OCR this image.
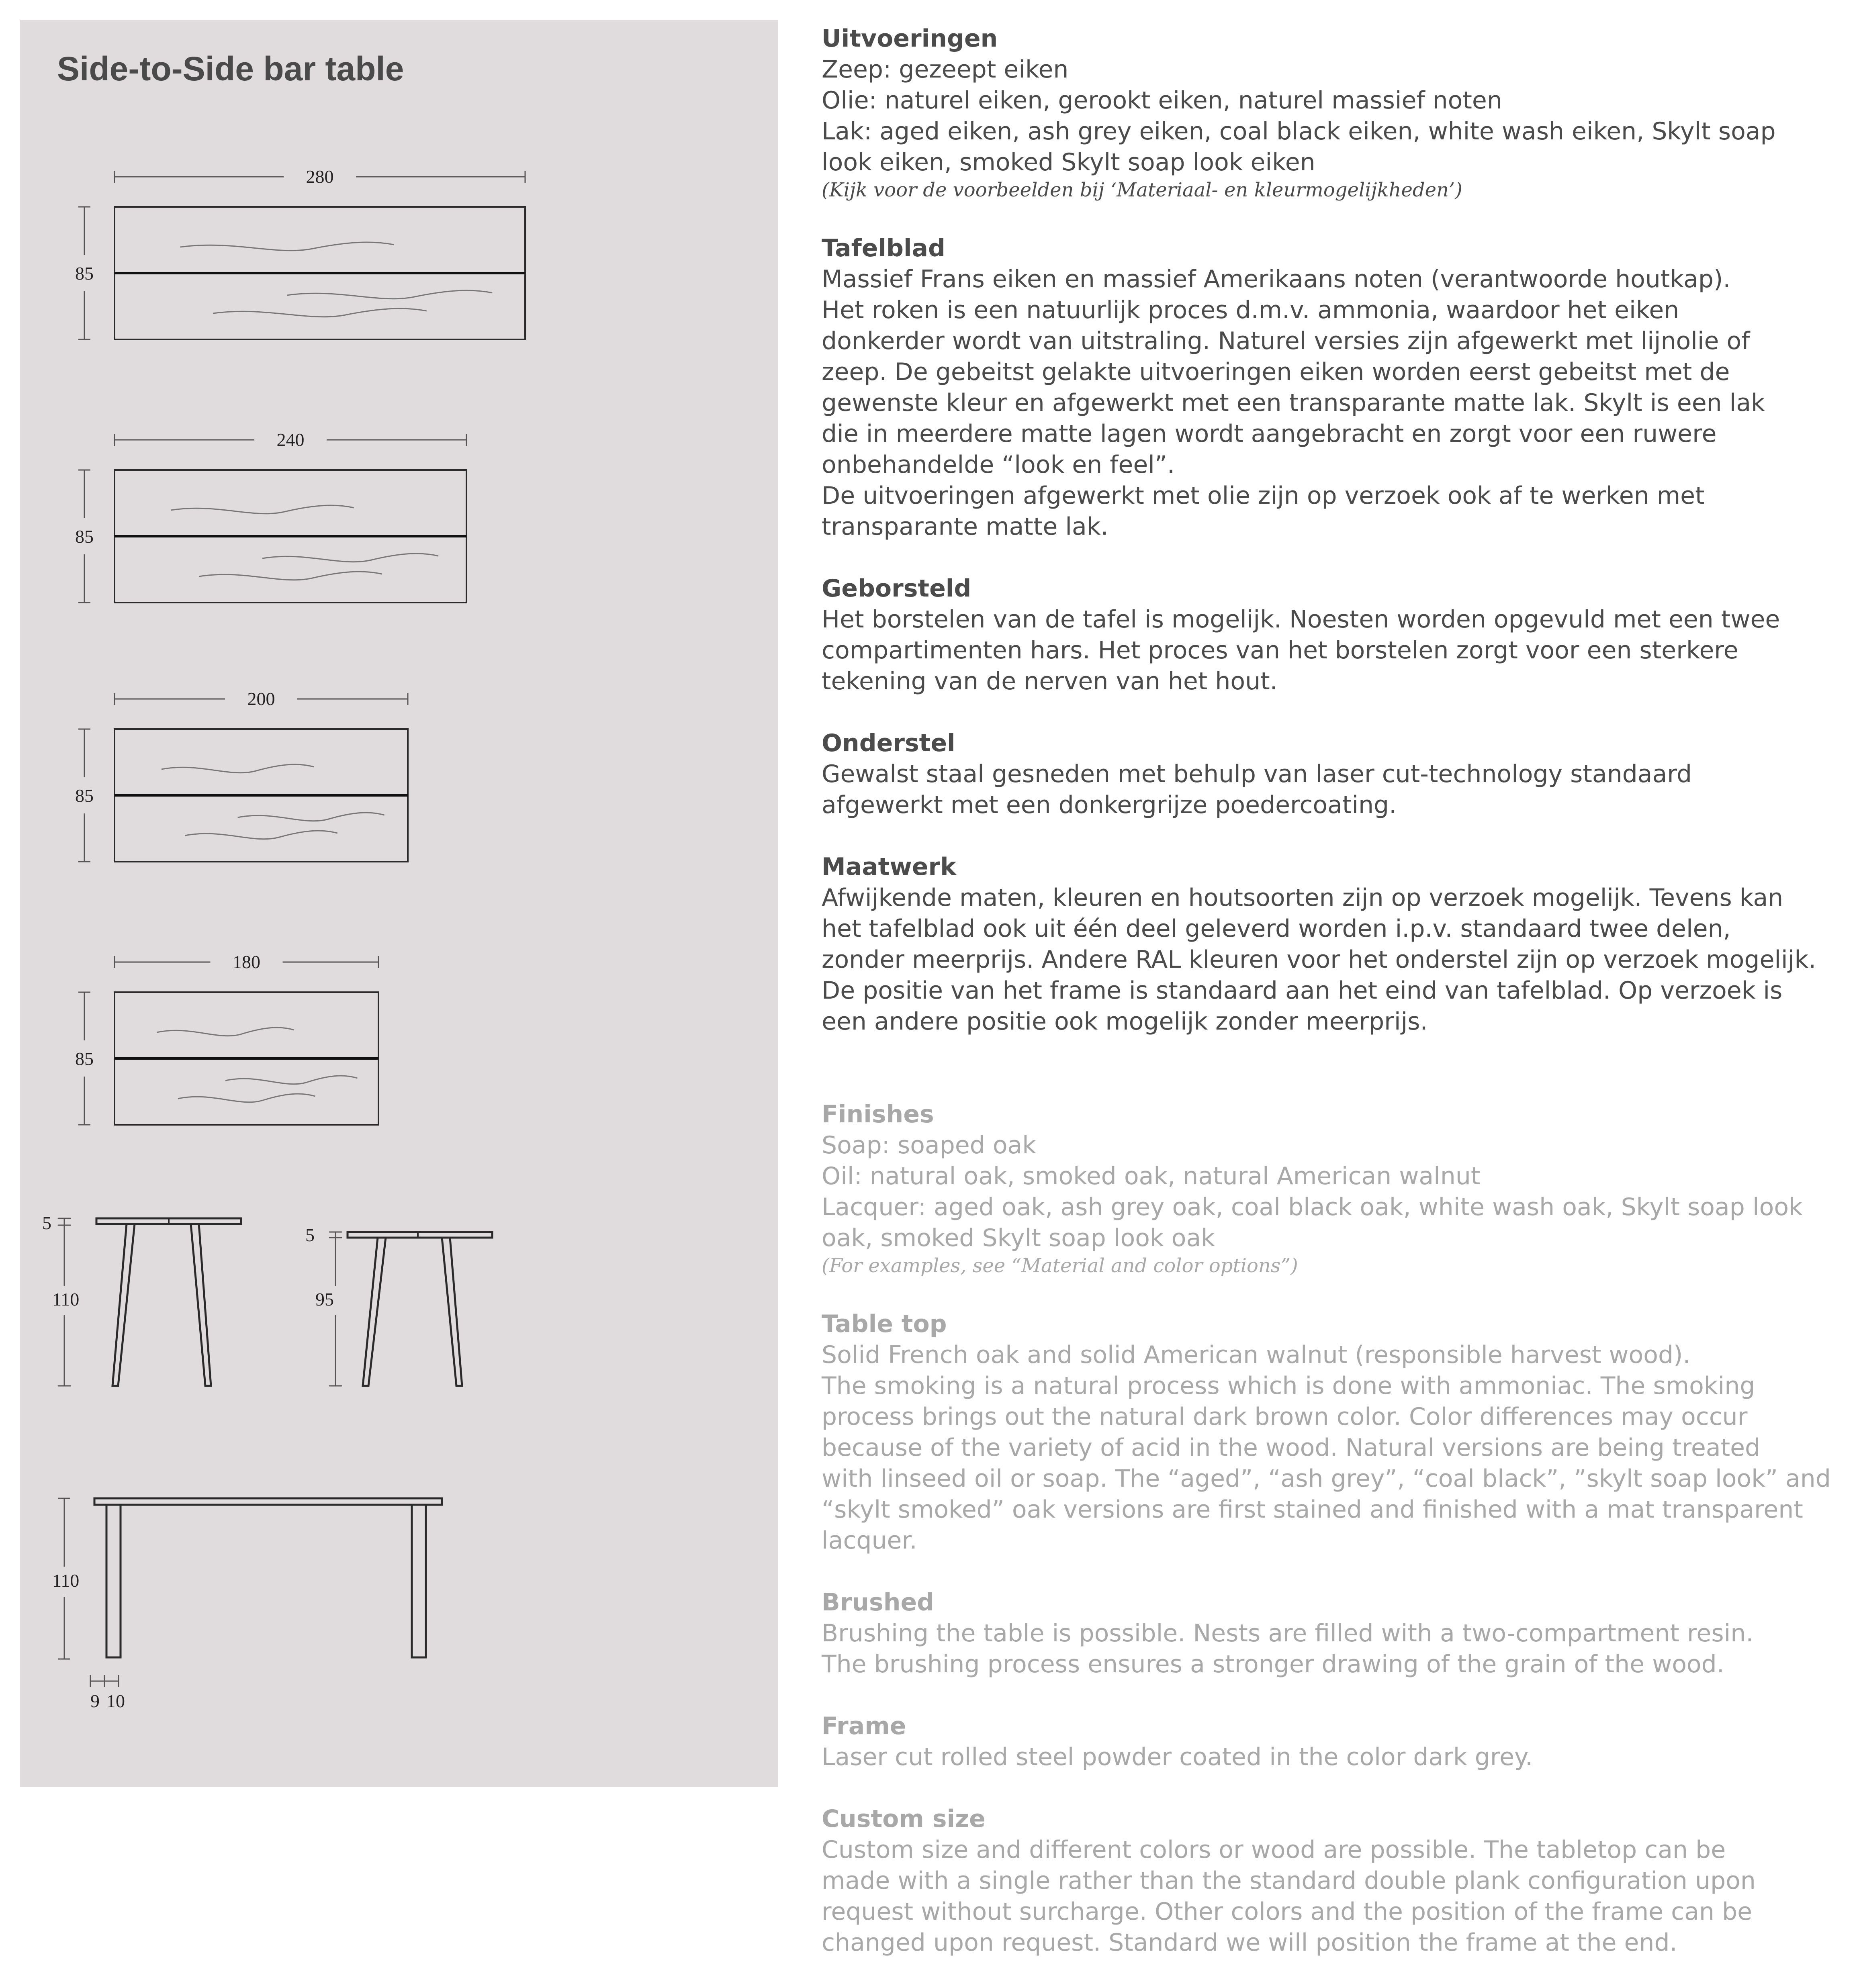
280
85
240
85
200
85
180
85
5
110
5
95
110
9 10
Side-to-Side bar table
Uitvoeringen

Zeep: gezeept eiken

Olie: naturel eiken, gerookt eiken, naturel massief noten

Lak: aged eiken, ash grey eiken, coal black eiken, white wash eiken, Skylt soap

look eiken, smoked Skylt soap look eiken

(Kijk voor de voorbeelden bij ‘Materiaal- en kleurmogelijkheden’)

Tafelblad

Massief Frans eiken en massief Amerikaans noten (verantwoorde houtkap).

Het roken is een natuurlijk proces d.m.v. ammonia, waardoor het eiken

donkerder wordt van uitstraling. Naturel versies zijn afgewerkt met lijnolie of

zeep. De gebeitst gelakte uitvoeringen eiken worden eerst gebeitst met de

gewenste kleur en afgewerkt met een transparante matte lak. Skylt is een lak

die in meerdere matte lagen wordt aangebracht en zorgt voor een ruwere

onbehandelde “look en feel”.

De uitvoeringen afgewerkt met olie zijn op verzoek ook af te werken met

transparante matte lak.

Geborsteld

Het borstelen van de tafel is mogelijk. Noesten worden opgevuld met een twee

compartimenten hars. Het proces van het borstelen zorgt voor een sterkere

tekening van de nerven van het hout.

Onderstel

Gewalst staal gesneden met behulp van laser cut-technology standaard

afgewerkt met een donkergrijze poedercoating.

Maatwerk

Afwijkende maten, kleuren en houtsoorten zijn op verzoek mogelijk. Tevens kan

het tafelblad ook uit één deel geleverd worden i.p.v. standaard twee delen,

zonder meerprijs. Andere RAL kleuren voor het onderstel zijn op verzoek mogelijk.

De positie van het frame is standaard aan het eind van tafelblad. Op verzoek is

een andere positie ook mogelijk zonder meerprijs.

Finishes

Soap: soaped oak

Oil: natural oak, smoked oak, natural American walnut

Lacquer: aged oak, ash grey oak, coal black oak, white wash oak, Skylt soap look

oak, smoked Skylt soap look oak

(For examples, see “Material and color options”)

Table top

Solid French oak and solid American walnut (responsible harvest wood).

The smoking is a natural process which is done with ammoniac. The smoking

process brings out the natural dark brown color. Color differences may occur

because of the variety of acid in the wood. Natural versions are being treated

with linseed oil or soap. The “aged”, “ash grey”, “coal black”, ”skylt soap look” and

“skylt smoked” oak versions are first stained and finished with a mat transparent

lacquer.

Brushed

Brushing the table is possible. Nests are filled with a two-compartment resin.

The brushing process ensures a stronger drawing of the grain of the wood.

Frame

Laser cut rolled steel powder coated in the color dark grey.

Custom size

Custom size and different colors or wood are possible. The tabletop can be

made with a single rather than the standard double plank configuration upon

request without surcharge. Other colors and the position of the frame can be

changed upon request. Standard we will position the frame at the end.
